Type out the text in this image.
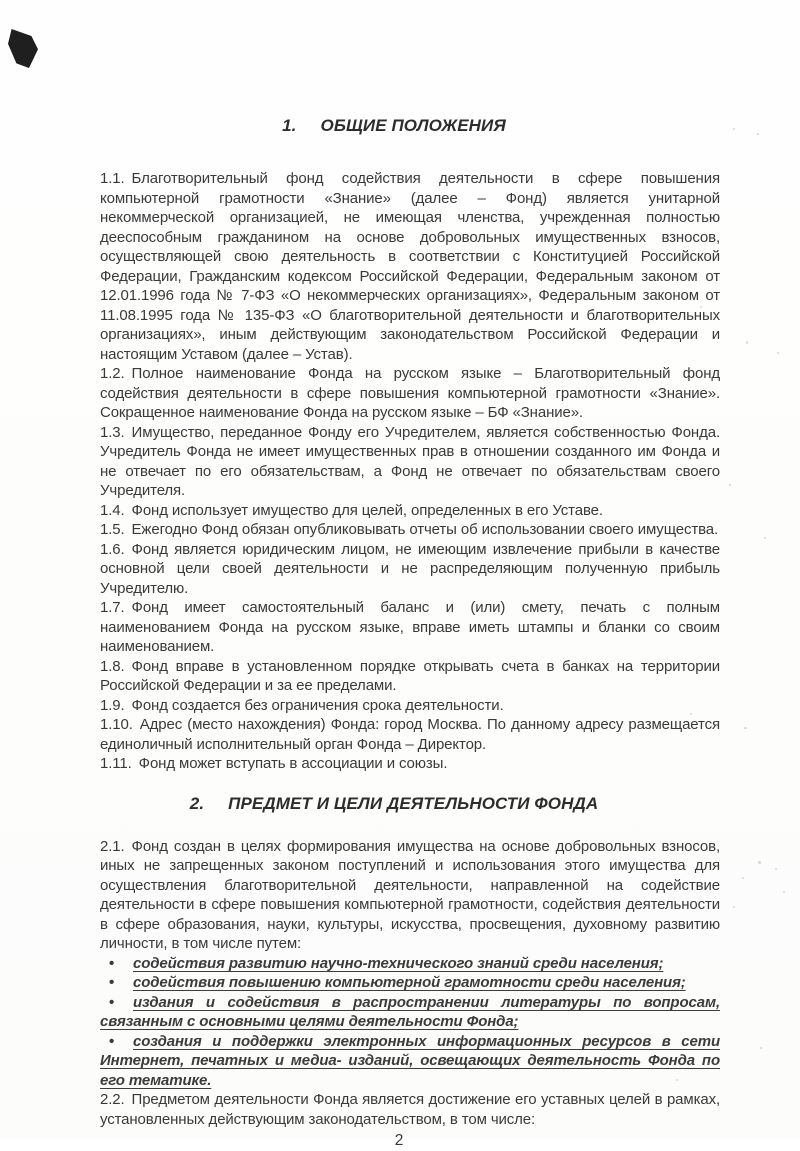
1. ОБЩИЕ ПОЛОЖЕНИЯ

1.1. Благотворительный фонд содействия деятельности в сфере повышения компьютерной грамотности «Знание» (далее – Фонд) является унитарной некоммерческой организацией, не имеющая членства, учрежденная полностью дееспособным гражданином на основе добровольных имущественных взносов, осуществляющей свою деятельность в соответствии с Конституцией Российской Федерации, Гражданским кодексом Российской Федерации, Федеральным законом от 12.01.1996 года № 7-ФЗ «О некоммерческих организациях», Федеральным законом от 11.08.1995 года № 135-ФЗ «О благотворительной деятельности и благотворительных организациях», иным действующим законодательством Российской Федерации и настоящим Уставом (далее – Устав).

1.2. Полное наименование Фонда на русском языке – Благотворительный фонд содействия деятельности в сфере повышения компьютерной грамотности «Знание». Сокращенное наименование Фонда на русском языке – БФ «Знание».

1.3. Имущество, переданное Фонду его Учредителем, является собственностью Фонда. Учредитель Фонда не имеет имущественных прав в отношении созданного им Фонда и не отвечает по его обязательствам, а Фонд не отвечает по обязательствам своего Учредителя.

1.4. Фонд использует имущество для целей, определенных в его Уставе.

1.5. Ежегодно Фонд обязан опубликовывать отчеты об использовании своего имущества.

1.6. Фонд является юридическим лицом, не имеющим извлечение прибыли в качестве основной цели своей деятельности и не распределяющим полученную прибыль Учредителю.

1.7. Фонд имеет самостоятельный баланс и (или) смету, печать с полным наименованием Фонда на русском языке, вправе иметь штампы и бланки со своим наименованием.

1.8. Фонд вправе в установленном порядке открывать счета в банках на территории Российской Федерации и за ее пределами.

1.9. Фонд создается без ограничения срока деятельности.

1.10. Адрес (место нахождения) Фонда: город Москва. По данному адресу размещается единоличный исполнительный орган Фонда – Директор.

1.11. Фонд может вступать в ассоциации и союзы.

2. ПРЕДМЕТ И ЦЕЛИ ДЕЯТЕЛЬНОСТИ ФОНДА

2.1. Фонд создан в целях формирования имущества на основе добровольных взносов, иных не запрещенных законом поступлений и использования этого имущества для осуществления благотворительной деятельности, направленной на содействие деятельности в сфере повышения компьютерной грамотности, содействия деятельности в сфере образования, науки, культуры, искусства, просвещения, духовному развитию личности, в том числе путем:

• содействия развитию научно-технического знаний среди населения;

• содействия повышению компьютерной грамотности среди населения;

• издания и содействия в распространении литературы по вопросам, связанным с основными целями деятельности Фонда;

• создания и поддержки электронных информационных ресурсов в сети Интернет, печатных и медиа- изданий, освещающих деятельность Фонда по его тематике.

2.2. Предметом деятельности Фонда является достижение его уставных целей в рамках, установленных действующим законодательством, в том числе:

2
